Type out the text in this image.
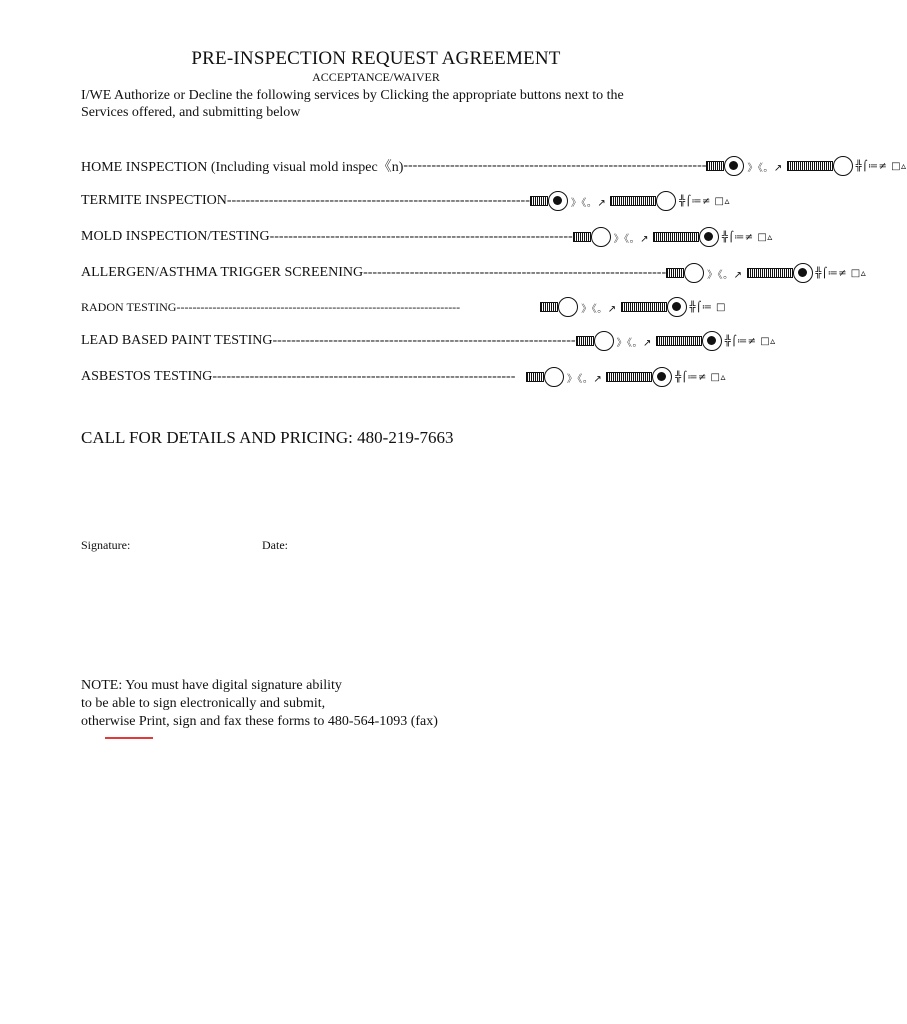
PRE-INSPECTION REQUEST AGREEMENT
ACCEPTANCE/WAIVER
I/WE Authorize or Decline the following services by Clicking the appropriate buttons next to the
Services offered, and submitting below
HOME INSPECTION (Including visual mold inspec《n) -----------------------------------------------------------------	》《。↗	╬⌠≔≠ □▵
TERMITE INSPECTION -----------------------------------------------------------------	》《。↗	╬⌠≔≠ □▵
MOLD INSPECTION/TESTING -----------------------------------------------------------------	》《。↗	╬⌠≔≠ □▵
ALLERGEN/ASTHMA TRIGGER SCREENING -----------------------------------------------------------------	》《。↗	╬⌠≔≠ □▵
RADON TESTING -----------------------------------------------------------------------	》《。↗	╬⌠≔ □
LEAD BASED PAINT TESTING -----------------------------------------------------------------	》《。↗	╬⌠≔≠ □▵
ASBESTOS TESTING -----------------------------------------------------------------	》《。↗	╬⌠≔≠ □▵
CALL FOR DETAILS AND PRICING: 480-219-7663
Signature:	Date:
NOTE: You must have digital signature ability
to be able to sign electronically and submit,
otherwise Print, sign and fax these forms to 480-564-1093 (fax)
